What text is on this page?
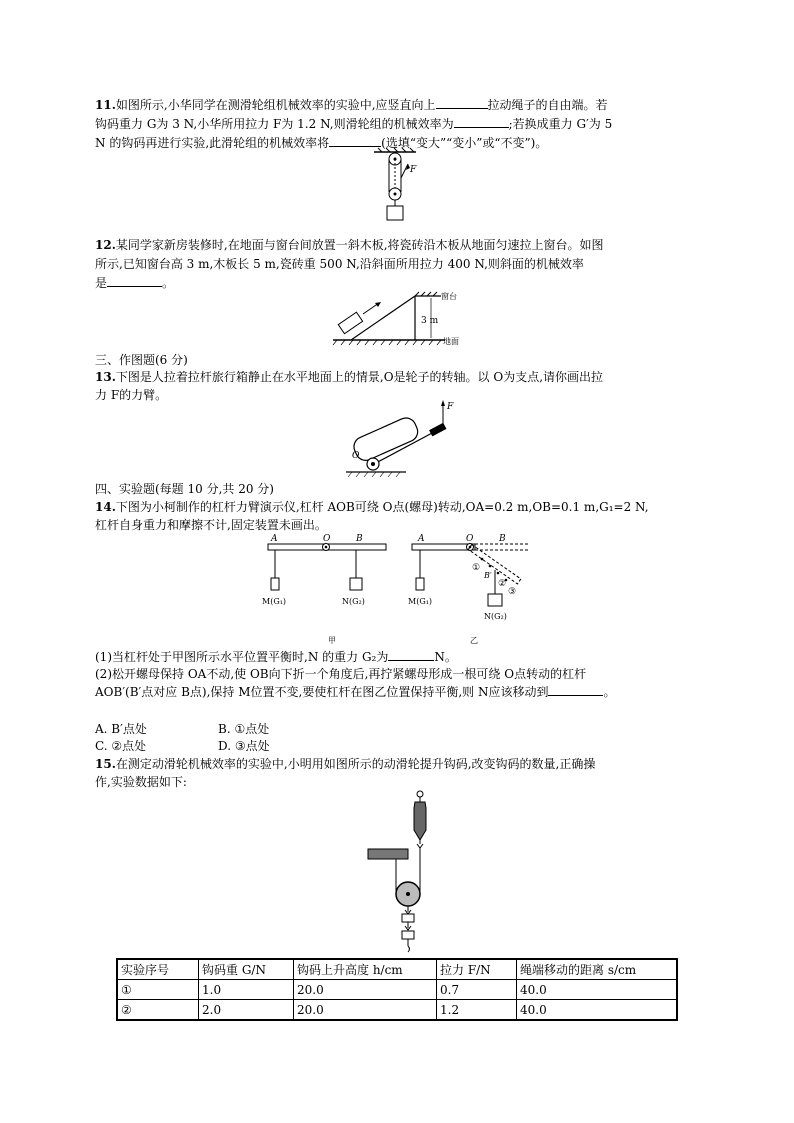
11.如图所示,小华同学在测滑轮组机械效率的实验中,应竖直向上	拉动绳子的自由端。若
钩码重力 G为 3 N,小华所用拉力 F为 1.2 N,则滑轮组的机械效率为	;若换成重力 G′为 5
N 的钩码再进行实验,此滑轮组的机械效率将	(选填“变大”“变小”或“不变”)。
F
12.某同学家新房装修时,在地面与窗台间放置一斜木板,将瓷砖沿木板从地面匀速拉上窗台。如图
所示,已知窗台高 3 m,木板长 5 m,瓷砖重 500 N,沿斜面所用拉力 400 N,则斜面的机械效率
是	。
3 m
窗台
地面
三、作图题(6 分)
13.下图是人拉着拉杆旅行箱静止在水平地面上的情景,O是轮子的转轴。以 O为支点,请你画出拉
力 F的力臂。
F
O
四、实验题(每题 10 分,共 20 分)
14.下图为小柯制作的杠杆力臂演示仪,杠杆 AOB可绕 O点(螺母)转动,OA=0.2 m,OB=0.1 m,G₁=2 N,
杠杆自身重力和摩擦不计,固定装置未画出。
A	O	B
M(G₁)	N(G₂)
甲
A	O	B
M(G₁)
B′
①
②
③
N(G₂)
乙
(1)当杠杆处于甲图所示水平位置平衡时,N 的重力 G₂为	N。
(2)松开螺母保持 OA不动,使 OB向下折一个角度后,再拧紧螺母形成一根可绕 O点转动的杠杆
AOB′(B′点对应 B点),保持 M位置不变,要使杠杆在图乙位置保持平衡,则 N应该移动到	。
A. B′点处	B. ①点处
C. ②点处	D. ③点处
15.在测定动滑轮机械效率的实验中,小明用如图所示的动滑轮提升钩码,改变钩码的数量,正确操
作,实验数据如下:
实验序号	钩码重 G/N	钩码上升高度 h/cm	拉力 F/N	绳端移动的距离 s/cm
①	1.0	20.0	0.7	40.0
②	2.0	20.0	1.2	40.0
